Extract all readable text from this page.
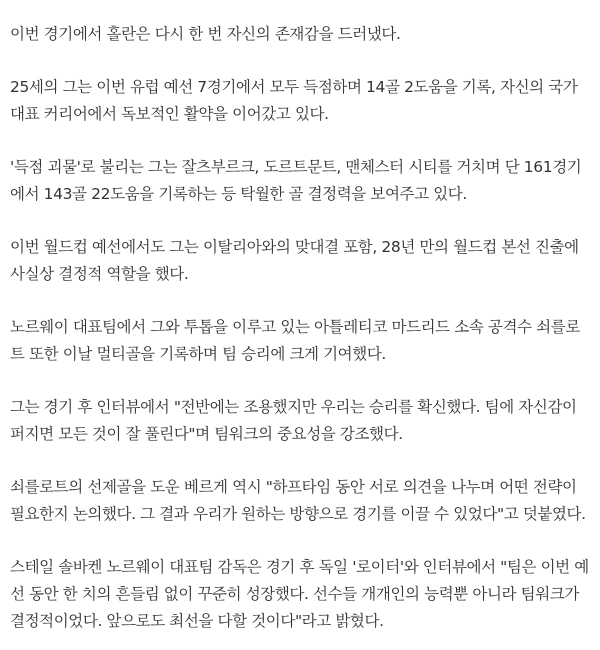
이번 경기에서 홀란은 다시 한 번 자신의 존재감을 드러냈다.

25세의 그는 이번 유럽 예선 7경기에서 모두 득점하며 14골 2도움을 기록, 자신의 국가
대표 커리어에서 독보적인 활약을 이어갔고 있다.

'득점 괴물'로 불리는 그는 잘츠부르크, 도르트문트, 맨체스터 시티를 거치며 단 161경기
에서 143골 22도움을 기록하는 등 탁월한 골 결정력을 보여주고 있다.

이번 월드컵 예선에서도 그는 이탈리아와의 맞대결 포함, 28년 만의 월드컵 본선 진출에
사실상 결정적 역할을 했다.

노르웨이 대표팀에서 그와 투톱을 이루고 있는 아틀레티코 마드리드 소속 공격수 쇠를로
트 또한 이날 멀티골을 기록하며 팀 승리에 크게 기여했다.

그는 경기 후 인터뷰에서 "전반에는 조용했지만 우리는 승리를 확신했다. 팀에 자신감이
퍼지면 모든 것이 잘 풀린다"며 팀워크의 중요성을 강조했다.

쇠를로트의 선제골을 도운 베르게 역시 "하프타임 동안 서로 의견을 나누며 어떤 전략이
필요한지 논의했다. 그 결과 우리가 원하는 방향으로 경기를 이끌 수 있었다"고 덧붙였다.

스테일 솔바켄 노르웨이 대표팀 감독은 경기 후 독일 '로이터'와 인터뷰에서 "팀은 이번 예
선 동안 한 치의 흔들림 없이 꾸준히 성장했다. 선수들 개개인의 능력뿐 아니라 팀워크가
결정적이었다. 앞으로도 최선을 다할 것이다"라고 밝혔다.
